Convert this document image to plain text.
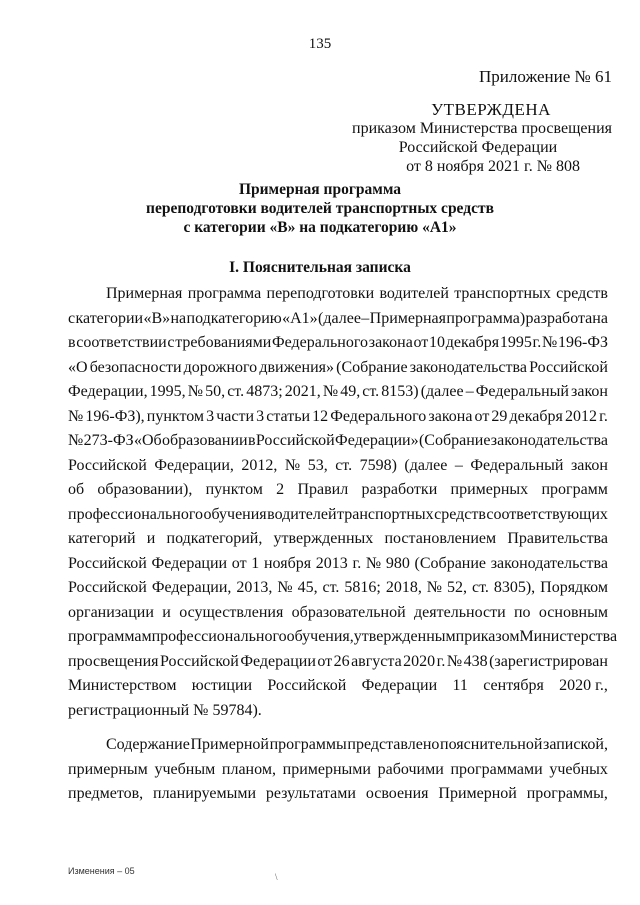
135
Приложение № 61
УТВЕРЖДЕНА
приказом Министерства просвещения
Российской Федерации
от 8 ноября 2021 г. № 808
Примерная программа
переподготовки водителей транспортных средств
с категории «B» на подкатегорию «A1»
I. Пояснительная записка
Примерная программа переподготовки водителей транспортных средств
с категории «B» на подкатегорию «A1» (далее – Примерная программа) разработана
в соответствии с требованиями Федерального закона от 10 декабря 1995 г. № 196-ФЗ
«О безопасности дорожного движения» (Собрание законодательства Российской
Федерации, 1995, № 50, ст. 4873; 2021, № 49, ст. 8153) (далее – Федеральный закон
№ 196-ФЗ), пунктом 3 части 3 статьи 12 Федерального закона от 29 декабря 2012 г.
№ 273-ФЗ «Об образовании в Российской Федерации» (Собрание законодательства
Российской Федерации, 2012, № 53, ст. 7598) (далее – Федеральный закон
об образовании), пунктом 2 Правил разработки примерных программ
профессионального обучения водителей транспортных средств соответствующих
категорий и подкатегорий, утвержденных постановлением Правительства
Российской Федерации от 1 ноября 2013 г. № 980 (Собрание законодательства
Российской Федерации, 2013, № 45, ст. 5816; 2018, № 52, ст. 8305), Порядком
организации и осуществления образовательной деятельности по основным
программам профессионального обучения, утвержденным приказом Министерства
просвещения Российской Федерации от 26 августа 2020 г. № 438 (зарегистрирован
Министерством юстиции Российской Федерации 11 сентября 2020 г.,
регистрационный № 59784).
Содержание Примерной программы представлено пояснительной запиской,
примерным учебным планом, примерными рабочими программами учебных
предметов, планируемыми результатами освоения Примерной программы,
Изменения – 05
\
